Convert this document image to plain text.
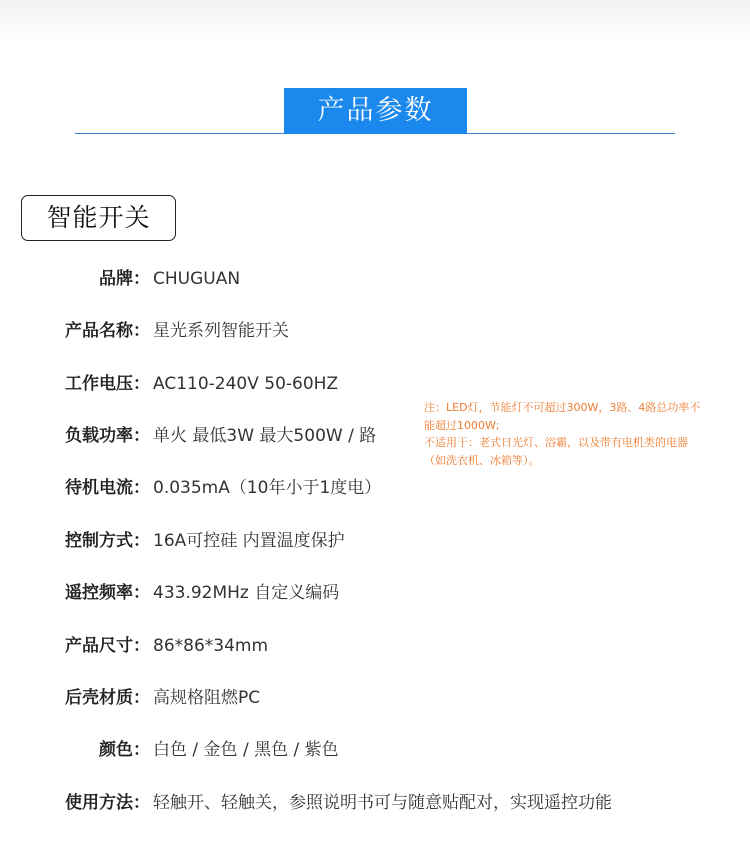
产品参数
智能开关
品牌： CHUGUAN
产品名称： 星光系列智能开关
工作电压： AC110-240V 50-60HZ
负载功率： 单火 最低3W 最大500W / 路
待机电流： 0.035mA（10年小于1度电）
控制方式： 16A可控硅 内置温度保护
遥控频率： 433.92MHz 自定义编码
产品尺寸： 86*86*34mm
后壳材质： 高规格阻燃PC
颜色： 白色 / 金色 / 黑色 / 紫色
使用方法： 轻触开、轻触关，参照说明书可与随意贴配对，实现遥控功能

注：LED灯，节能灯不可超过300W，3路、4路总功率不

能超过1000W;

不适用于：老式日光灯、浴霸，以及带有电机类的电器

（如洗衣机、冰箱等）。
